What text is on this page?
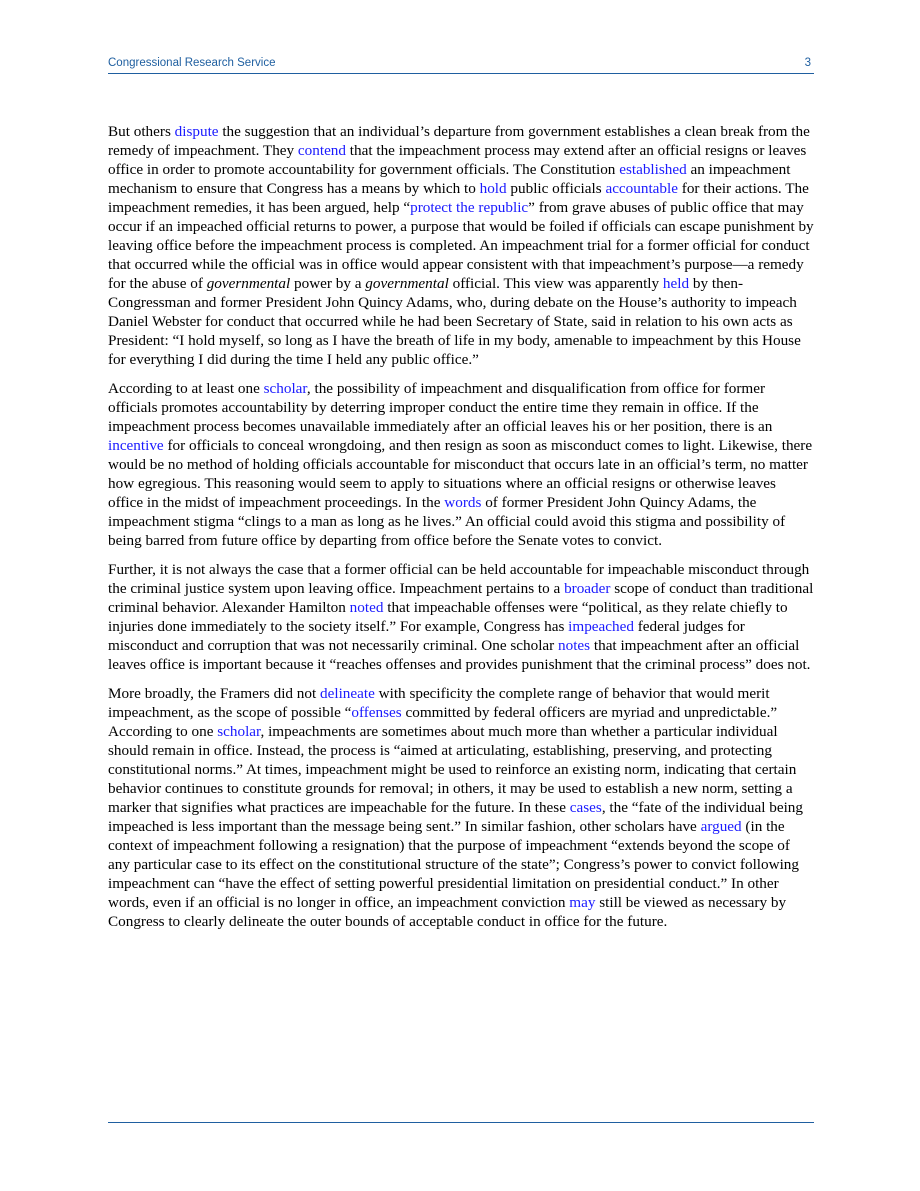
Congressional Research Service	3

But others dispute the suggestion that an individual’s departure from government establishes a clean break from the remedy of impeachment. They contend that the impeachment process may extend after an official resigns or leaves office in order to promote accountability for government officials. The Constitution established an impeachment mechanism to ensure that Congress has a means by which to hold public officials accountable for their actions. The impeachment remedies, it has been argued, help “protect the republic” from grave abuses of public office that may occur if an impeached official returns to power, a purpose that would be foiled if officials can escape punishment by leaving office before the impeachment process is completed. An impeachment trial for a former official for conduct that occurred while the official was in office would appear consistent with that impeachment’s purpose—a remedy for the abuse of governmental power by a governmental official. This view was apparently held by then-Congressman and former President John Quincy Adams, who, during debate on the House’s authority to impeach Daniel Webster for conduct that occurred while he had been Secretary of State, said in relation to his own acts as President: “I hold myself, so long as I have the breath of life in my body, amenable to impeachment by this House for everything I did during the time I held any public office.”

According to at least one scholar, the possibility of impeachment and disqualification from office for former officials promotes accountability by deterring improper conduct the entire time they remain in office. If the impeachment process becomes unavailable immediately after an official leaves his or her position, there is an incentive for officials to conceal wrongdoing, and then resign as soon as misconduct comes to light. Likewise, there would be no method of holding officials accountable for misconduct that occurs late in an official’s term, no matter how egregious. This reasoning would seem to apply to situations where an official resigns or otherwise leaves office in the midst of impeachment proceedings. In the words of former President John Quincy Adams, the impeachment stigma “clings to a man as long as he lives.” An official could avoid this stigma and possibility of being barred from future office by departing from office before the Senate votes to convict.

Further, it is not always the case that a former official can be held accountable for impeachable misconduct through the criminal justice system upon leaving office. Impeachment pertains to a broader scope of conduct than traditional criminal behavior. Alexander Hamilton noted that impeachable offenses were “political, as they relate chiefly to injuries done immediately to the society itself.” For example, Congress has impeached federal judges for misconduct and corruption that was not necessarily criminal. One scholar notes that impeachment after an official leaves office is important because it “reaches offenses and provides punishment that the criminal process” does not.

More broadly, the Framers did not delineate with specificity the complete range of behavior that would merit impeachment, as the scope of possible “offenses committed by federal officers are myriad and unpredictable.” According to one scholar, impeachments are sometimes about much more than whether a particular individual should remain in office. Instead, the process is “aimed at articulating, establishing, preserving, and protecting constitutional norms.” At times, impeachment might be used to reinforce an existing norm, indicating that certain behavior continues to constitute grounds for removal; in others, it may be used to establish a new norm, setting a marker that signifies what practices are impeachable for the future. In these cases, the “fate of the individual being impeached is less important than the message being sent.” In similar fashion, other scholars have argued (in the context of impeachment following a resignation) that the purpose of impeachment “extends beyond the scope of any particular case to its effect on the constitutional structure of the state”; Congress’s power to convict following impeachment can “have the effect of setting powerful presidential limitation on presidential conduct.” In other words, even if an official is no longer in office, an impeachment conviction may still be viewed as necessary by Congress to clearly delineate the outer bounds of acceptable conduct in office for the future.
